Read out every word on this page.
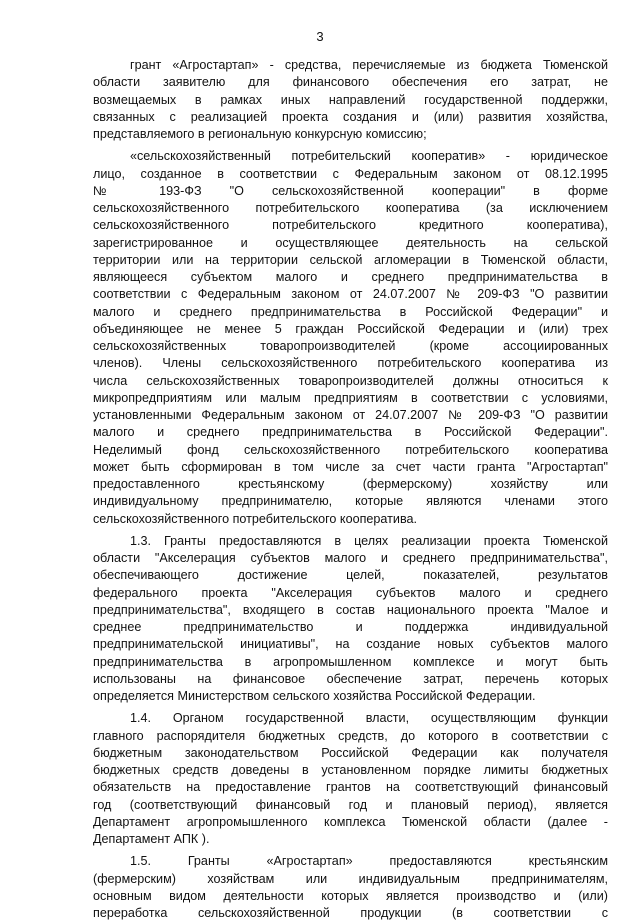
3
грант «Агростартап» - средства, перечисляемые из бюджета Тюменской
области заявителю для финансового обеспечения его затрат, не
возмещаемых в рамках иных направлений государственной поддержки,
связанных с реализацией проекта создания и (или) развития хозяйства,
представляемого в региональную конкурсную комиссию;
«сельскохозяйственный потребительский кооператив» - юридическое
лицо, созданное в соответствии с Федеральным законом от 08.12.1995
№ 193-ФЗ "О сельскохозяйственной кооперации" в форме
сельскохозяйственного потребительского кооператива (за исключением
сельскохозяйственного потребительского кредитного кооператива),
зарегистрированное и осуществляющее деятельность на сельской
территории или на территории сельской агломерации в Тюменской области,
являющееся субъектом малого и среднего предпринимательства в
соответствии с Федеральным законом от 24.07.2007 № 209-ФЗ "О развитии
малого и среднего предпринимательства в Российской Федерации" и
объединяющее не менее 5 граждан Российской Федерации и (или) трех
сельскохозяйственных товаропроизводителей (кроме ассоциированных
членов). Члены сельскохозяйственного потребительского кооператива из
числа сельскохозяйственных товаропроизводителей должны относиться к
микропредприятиям или малым предприятиям в соответствии с условиями,
установленными Федеральным законом от 24.07.2007 № 209-ФЗ "О развитии
малого и среднего предпринимательства в Российской Федерации".
Неделимый фонд сельскохозяйственного потребительского кооператива
может быть сформирован в том числе за счет части гранта "Агростартап"
предоставленного крестьянскому (фермерскому) хозяйству или
индивидуальному предпринимателю, которые являются членами этого
сельскохозяйственного потребительского кооператива.
1.3. Гранты предоставляются в целях реализации проекта Тюменской
области "Акселерация субъектов малого и среднего предпринимательства",
обеспечивающего достижение целей, показателей, результатов
федерального проекта "Акселерация субъектов малого и среднего
предпринимательства", входящего в состав национального проекта "Малое и
среднее предпринимательство и поддержка индивидуальной
предпринимательской инициативы", на создание новых субъектов малого
предпринимательства в агропромышленном комплексе и могут быть
использованы на финансовое обеспечение затрат, перечень которых
определяется Министерством сельского хозяйства Российской Федерации.
1.4. Органом государственной власти, осуществляющим функции
главного распорядителя бюджетных средств, до которого в соответствии с
бюджетным законодательством Российской Федерации как получателя
бюджетных средств доведены в установленном порядке лимиты бюджетных
обязательств на предоставление грантов на соответствующий финансовый
год (соответствующий финансовый год и плановый период), является
Департамент агропромышленного комплекса Тюменской области (далее -
Департамент АПК ).
1.5. Гранты «Агростартап» предоставляются крестьянским
(фермерским) хозяйствам или индивидуальным предпринимателям,
основным видом деятельности которых является производство и (или)
переработка сельскохозяйственной продукции (в соответствии с
